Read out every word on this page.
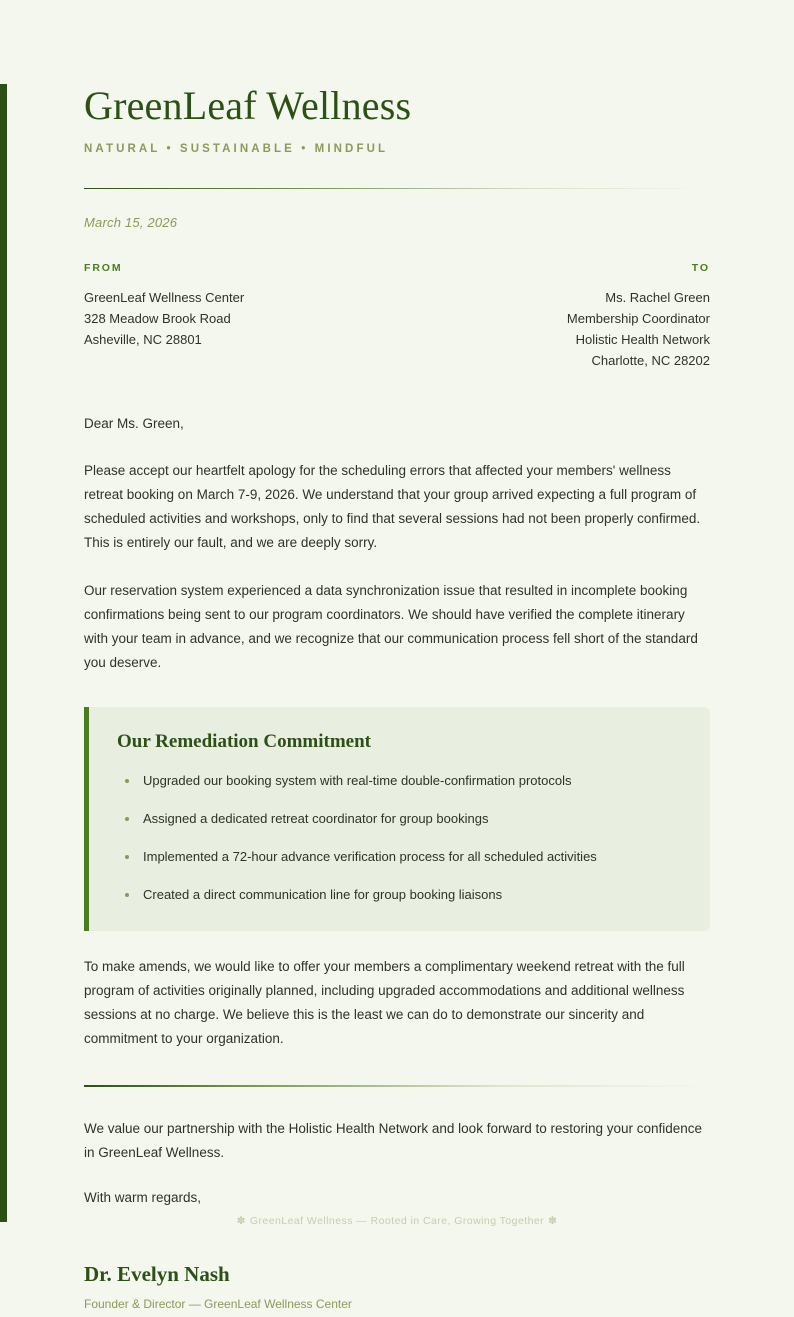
GreenLeaf Wellness
NATURAL • SUSTAINABLE • MINDFUL
March 15, 2026
FROM
GreenLeaf Wellness Center
328 Meadow Brook Road
Asheville, NC 28801
TO
Ms. Rachel Green
Membership Coordinator
Holistic Health Network
Charlotte, NC 28202
Dear Ms. Green,

Please accept our heartfelt apology for the scheduling errors that affected your members' wellness retreat booking on March 7-9, 2026. We understand that your group arrived expecting a full program of scheduled activities and workshops, only to find that several sessions had not been properly confirmed. This is entirely our fault, and we are deeply sorry.

Our reservation system experienced a data synchronization issue that resulted in incomplete booking confirmations being sent to our program coordinators. We should have verified the complete itinerary with your team in advance, and we recognize that our communication process fell short of the standard you deserve.

Our Remediation Commitment
Upgraded our booking system with real-time double-confirmation protocols
Assigned a dedicated retreat coordinator for group bookings
Implemented a 72-hour advance verification process for all scheduled activities
Created a direct communication line for group booking liaisons

To make amends, we would like to offer your members a complimentary weekend retreat with the full program of activities originally planned, including upgraded accommodations and additional wellness sessions at no charge. We believe this is the least we can do to demonstrate our sincerity and commitment to your organization.

We value our partnership with the Holistic Health Network and look forward to restoring your confidence in GreenLeaf Wellness.

With warm regards,
Dr. Evelyn Nash
Founder & Director — GreenLeaf Wellness Center
✽ GreenLeaf Wellness — Rooted in Care, Growing Together ✽
